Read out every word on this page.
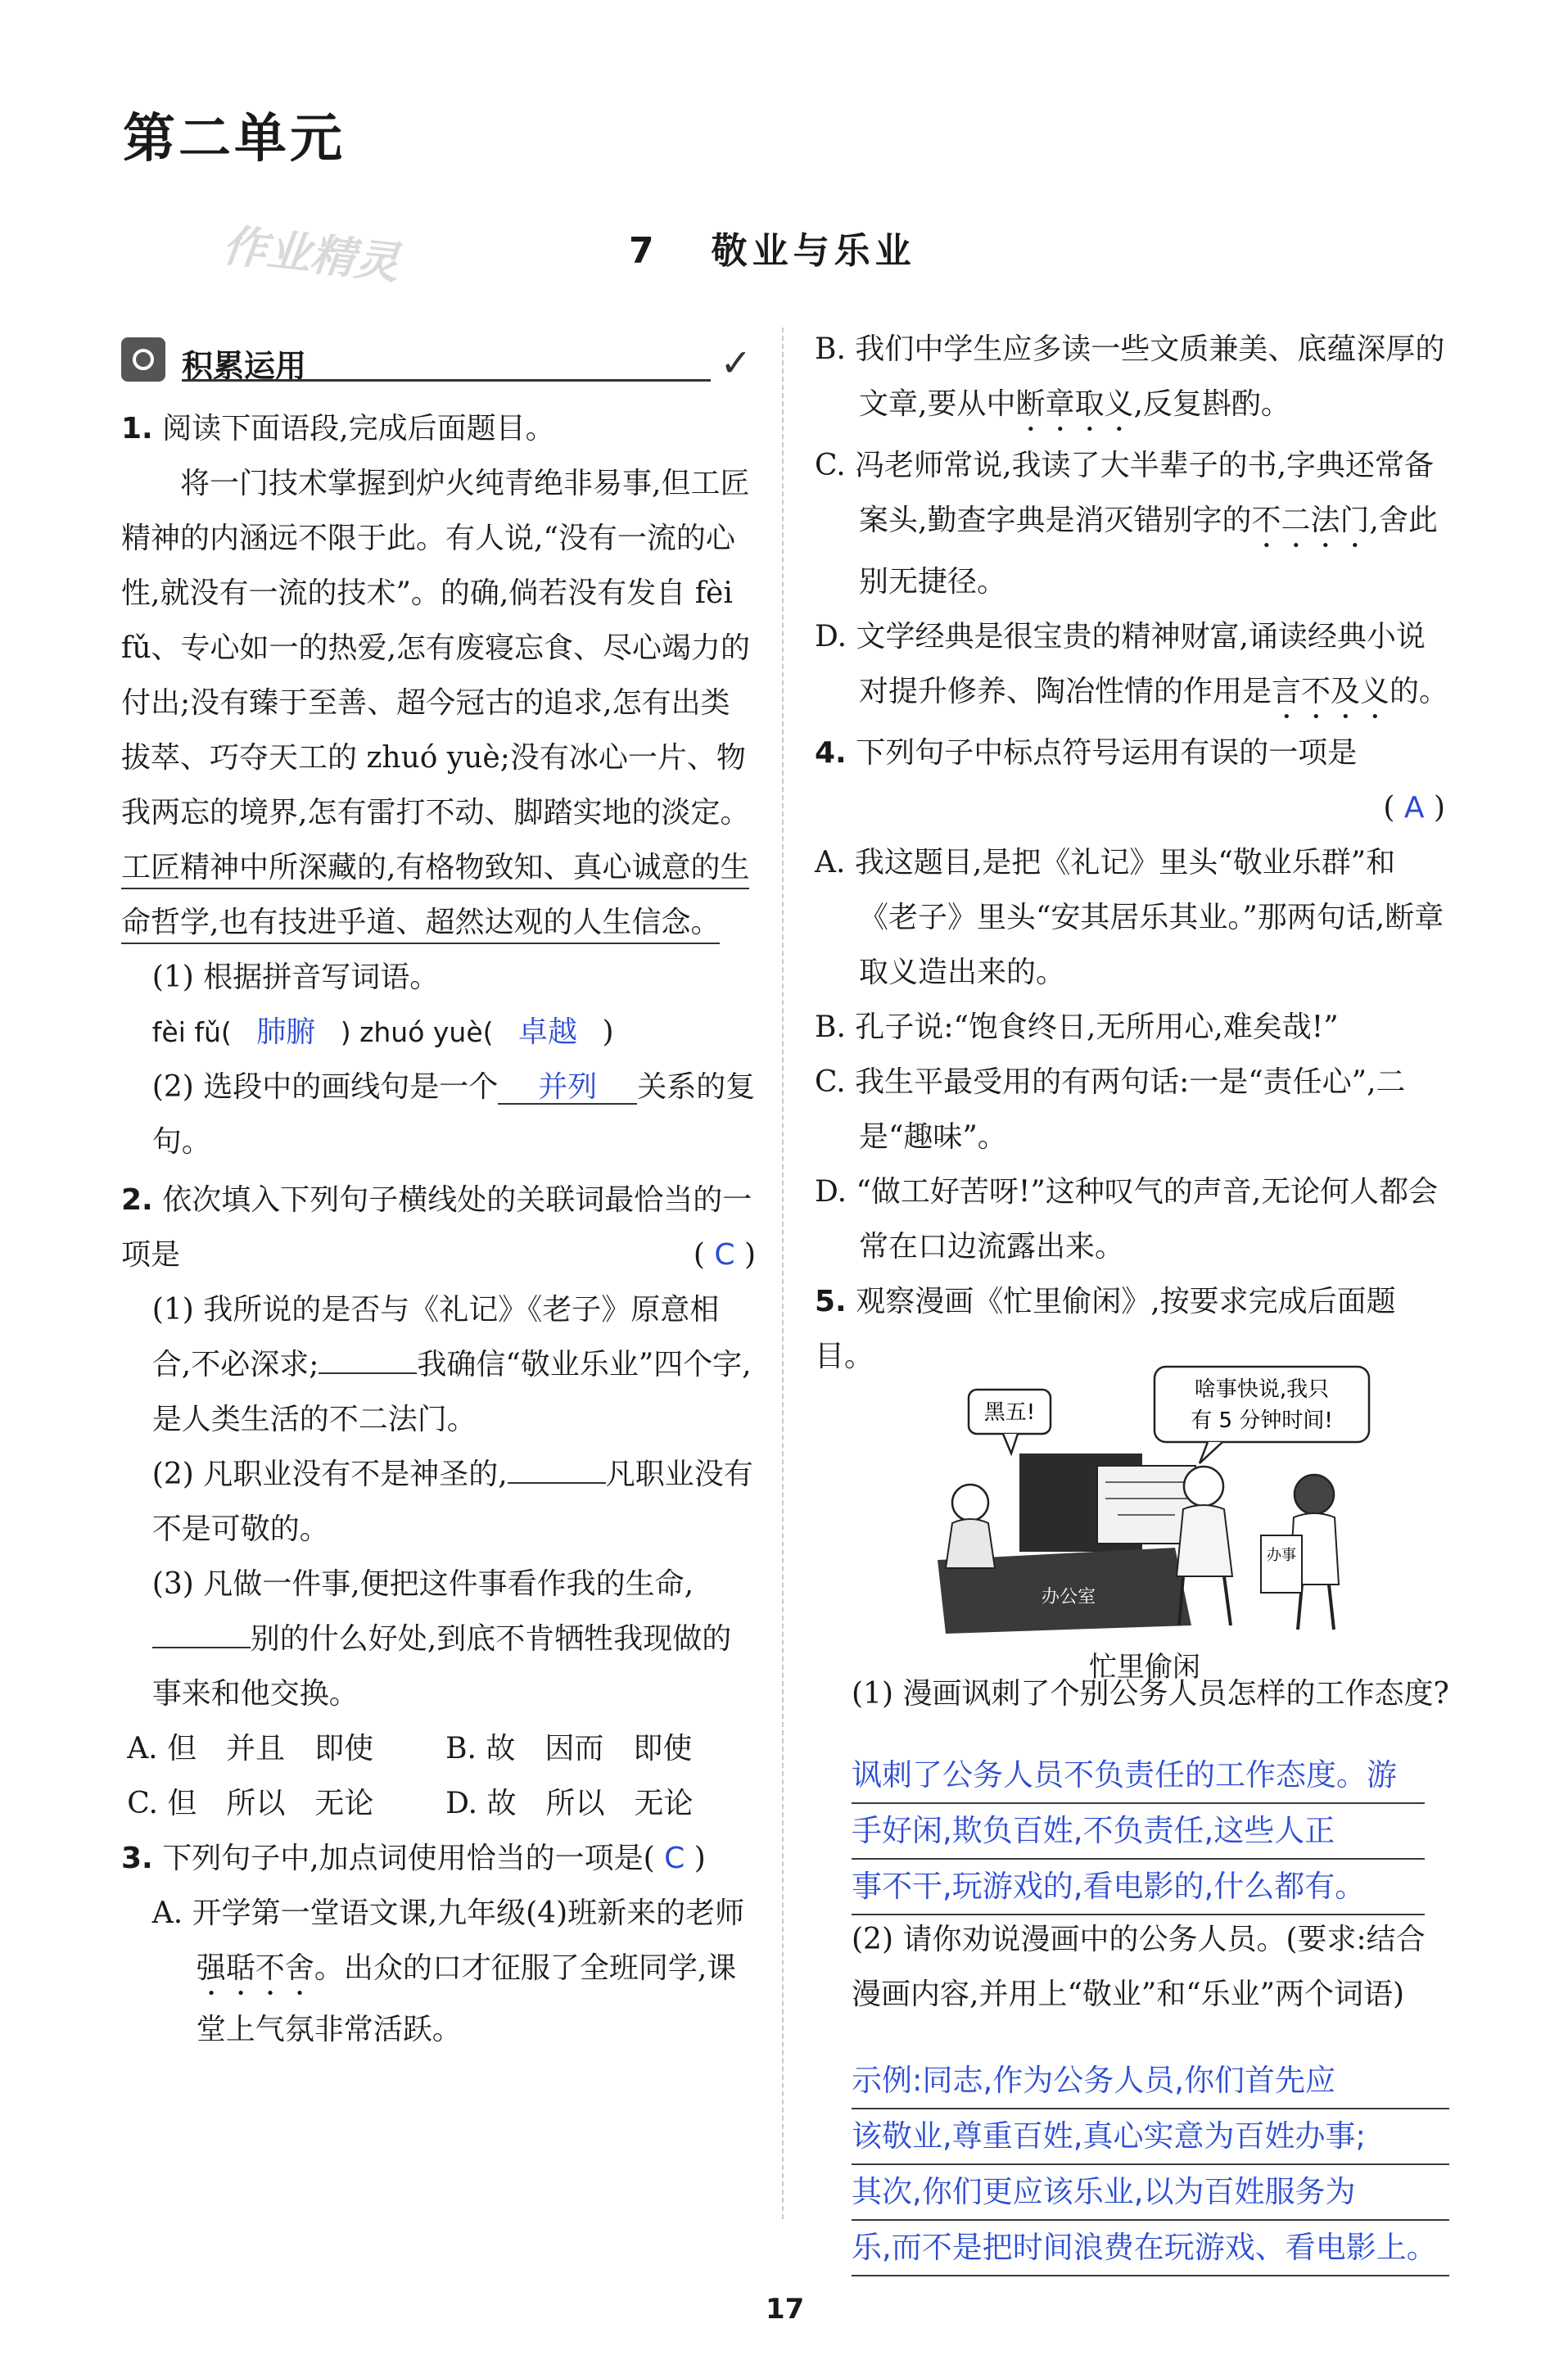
第二单元
作业精灵	7 敬业与乐业
积累运用	✓

1. 阅读下面语段,完成后面题目。

将一门技术掌握到炉火纯青绝非易事,但工匠精神的内涵远不限于此。有人说,“没有一流的心性,就没有一流的技术”。的确,倘若没有发自 fèi fǔ、专心如一的热爱,怎有废寝忘食、尽心竭力的付出;没有臻于至善、超今冠古的追求,怎有出类拔萃、巧夺天工的 zhuó yuè;没有冰心一片、物我两忘的境界,怎有雷打不动、脚踏实地的淡定。工匠精神中所深藏的,有格物致知、真心诚意的生命哲学,也有技进乎道、超然达观的人生信念。

(1) 根据拼音写词语。

fèi fǔ( 肺腑 ) zhuó yuè( 卓越 )

(2) 选段中的画线句是一个 并列 关系的复句。

2. 依次填入下列句子横线处的关联词最恰当的一项是　	( C )

(1) 我所说的是否与《礼记》《老子》原意相合,不必深求;	我确信“敬业乐业”四个字,是人类生活的不二法门。

(2) 凡职业没有不是神圣的,	凡职业没有不是可敬的。

(3) 凡做一件事,便把这件事看作我的生命,别的什么好处,到底不肯牺牲我现做的事来和他交换。

A. 但　并且　即使	B. 故　因而　即使
C. 但　所以　无论	D. 故　所以　无论

3. 下列句子中,加点词使用恰当的一项是( C )

A. 开学第一堂语文课,九年级(4)班新来的老师强聒不舍。出众的口才征服了全班同学,课堂上气氛非常活跃。

B. 我们中学生应多读一些文质兼美、底蕴深厚的文章,要从中断章取义,反复斟酌。

C. 冯老师常说,我读了大半辈子的书,字典还常备案头,勤查字典是消灭错别字的不二法门,舍此别无捷径。

D. 文学经典是很宝贵的精神财富,诵读经典小说对提升修养、陶冶性情的作用是言不及义的。

4. 下列句子中标点符号运用有误的一项是

( A )

A. 我这题目,是把《礼记》里头“敬业乐群”和《老子》里头“安其居乐其业。”那两句话,断章取义造出来的。

B. 孔子说:“饱食终日,无所用心,难矣哉!”

C. 我生平最受用的有两句话:一是“责任心”,二是“趣味”。

D. “做工好苦呀!”这种叹气的声音,无论何人都会常在口边流露出来。

5. 观察漫画《忙里偷闲》,按要求完成后面题目。

黑五!
啥事快说,我只
有 5 分钟时间!
办公室
办事
忙里偷闲

(1) 漫画讽刺了个别公务人员怎样的工作态度?

讽刺了公务人员不负责任的工作态度。游
手好闲,欺负百姓,不负责任,这些人正
事不干,玩游戏的,看电影的,什么都有。

(2) 请你劝说漫画中的公务人员。(要求:结合漫画内容,并用上“敬业”和“乐业”两个词语)

示例:同志,作为公务人员,你们首先应
该敬业,尊重百姓,真心实意为百姓办事;
其次,你们更应该乐业,以为百姓服务为
乐,而不是把时间浪费在玩游戏、看电影上。
17
